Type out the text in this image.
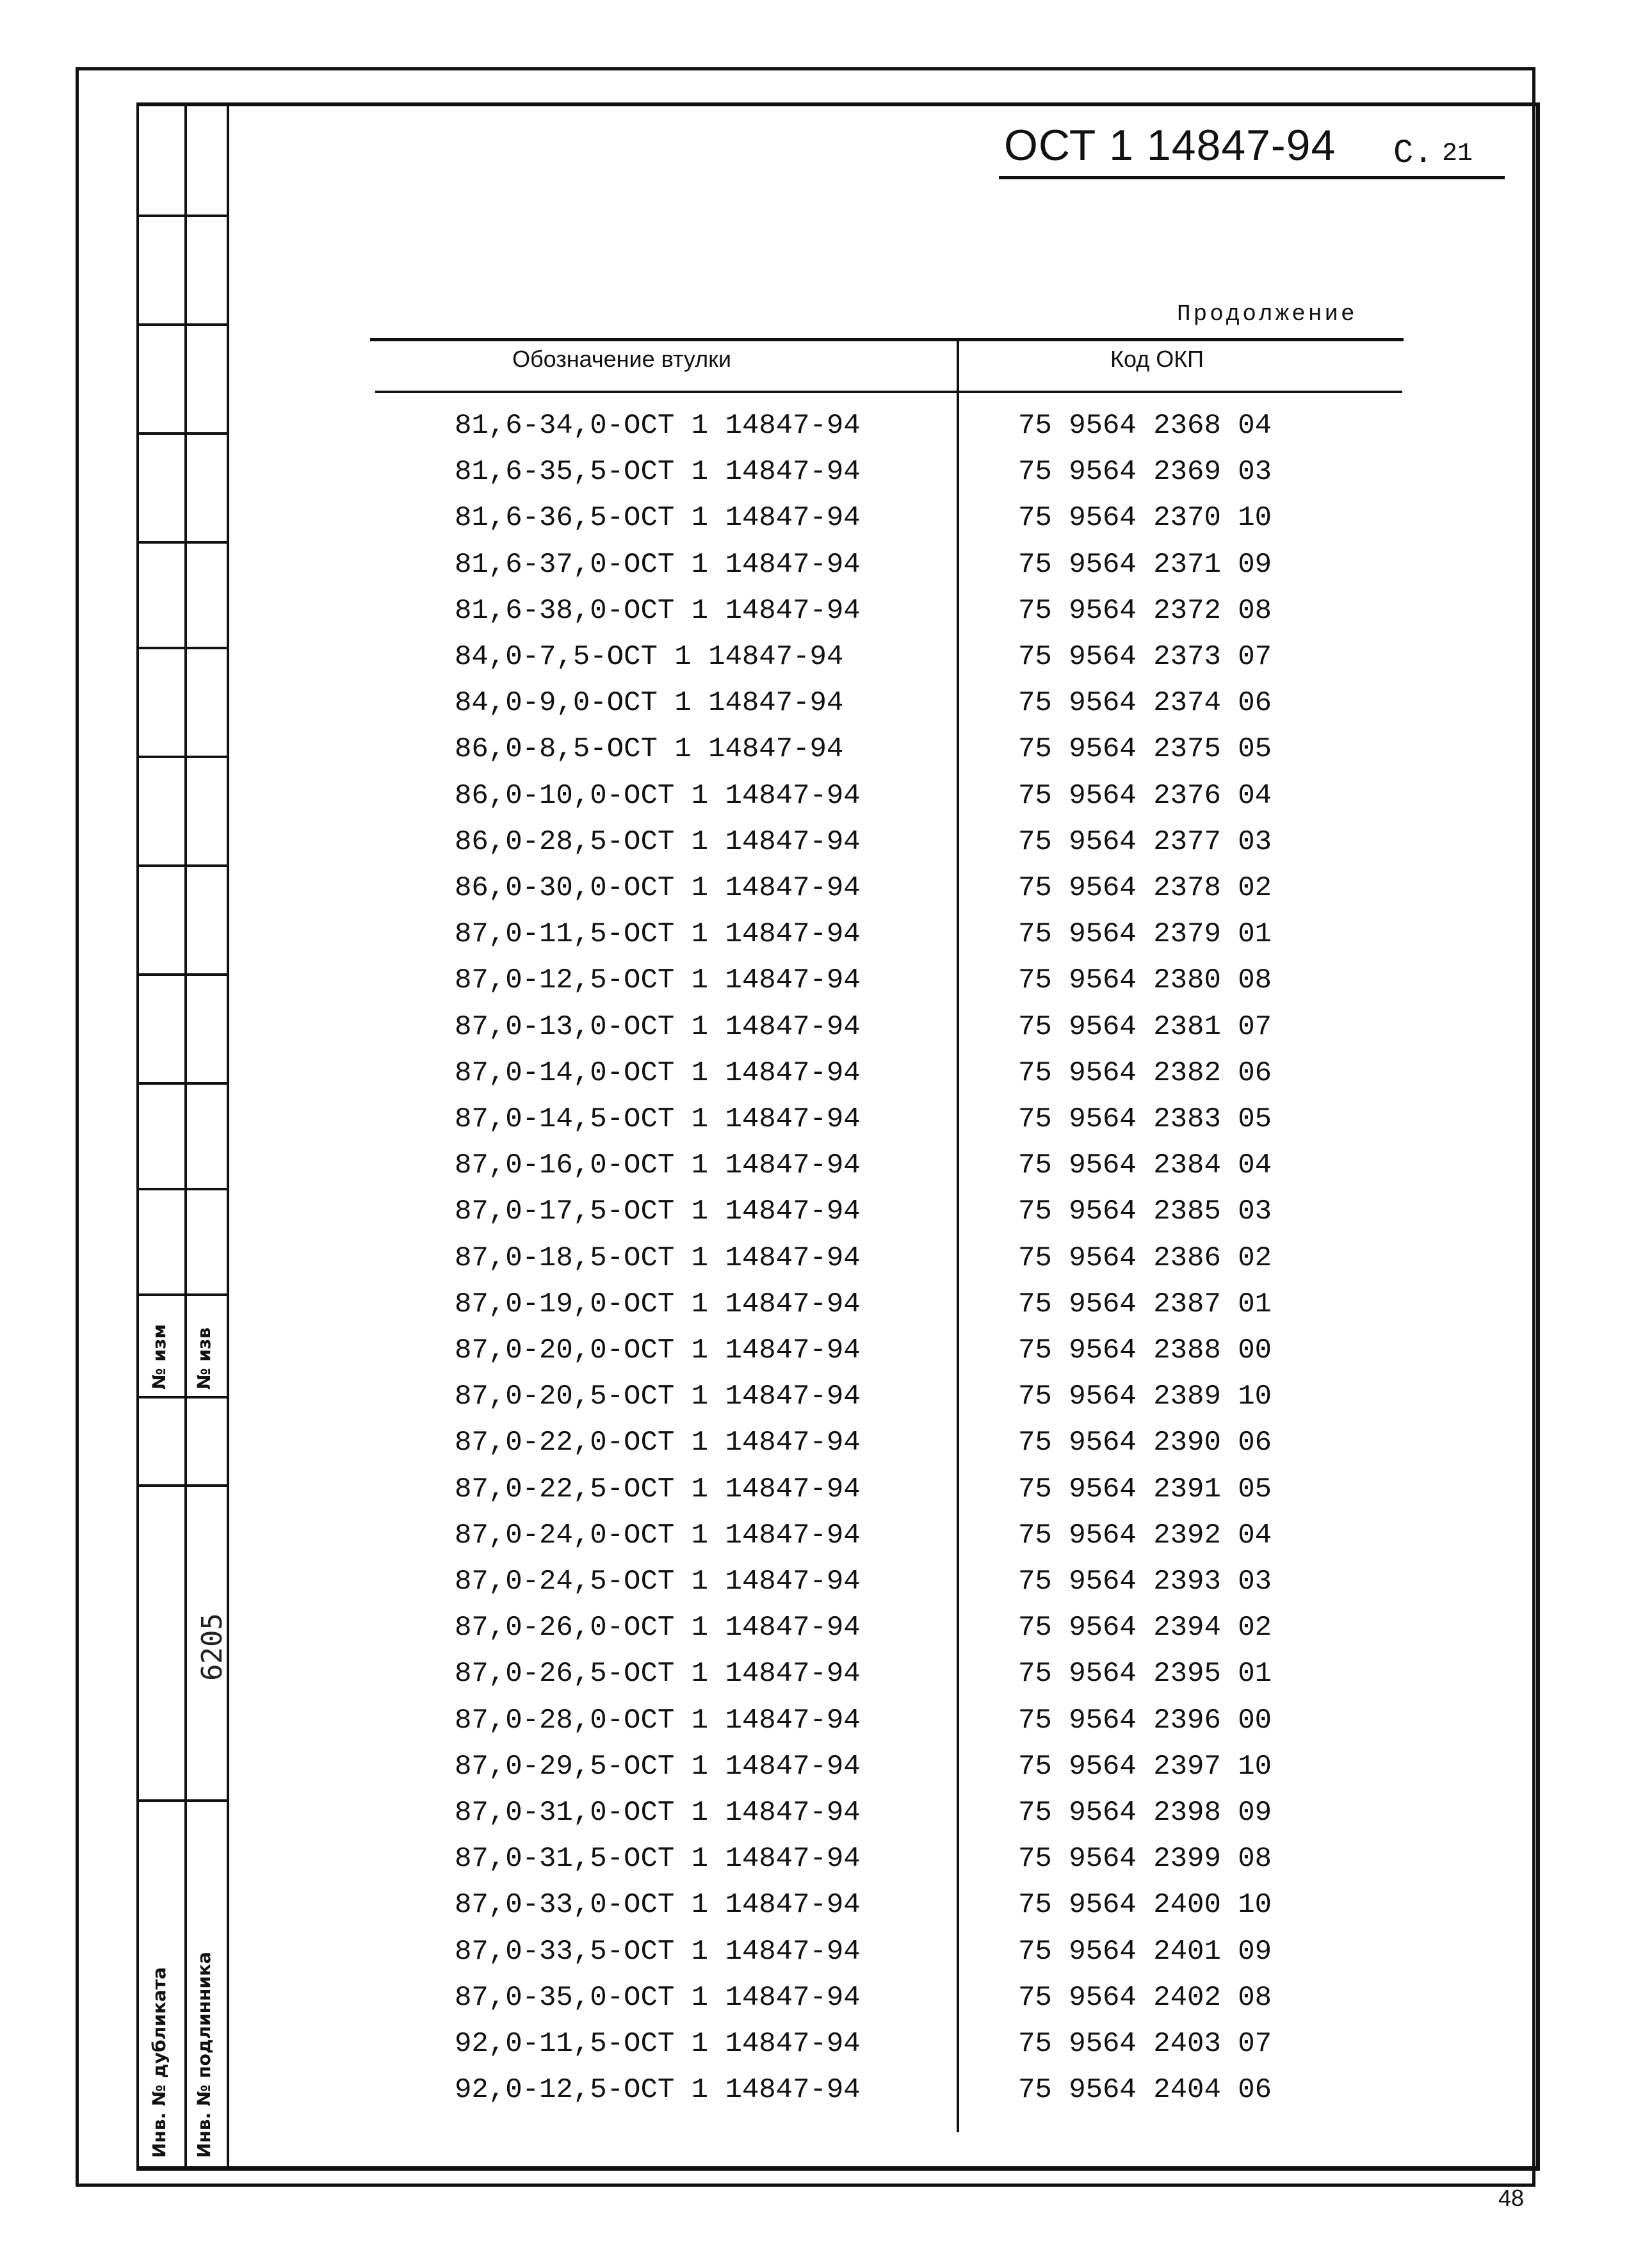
№ изм № изв
6205
Инв. № дубликата Инв. № подлинника
ОСТ 1 14847-94 С. 21
Продолжение
Обозначение втулки	Код ОКП
81,6-34,0-ОСТ 1 14847-94	75 9564 2368 04
81,6-35,5-ОСТ 1 14847-94	75 9564 2369 03
81,6-36,5-ОСТ 1 14847-94	75 9564 2370 10
81,6-37,0-ОСТ 1 14847-94	75 9564 2371 09
81,6-38,0-ОСТ 1 14847-94	75 9564 2372 08
84,0-7,5-ОСТ 1 14847-94	75 9564 2373 07
84,0-9,0-ОСТ 1 14847-94	75 9564 2374 06
86,0-8,5-ОСТ 1 14847-94	75 9564 2375 05
86,0-10,0-ОСТ 1 14847-94	75 9564 2376 04
86,0-28,5-ОСТ 1 14847-94	75 9564 2377 03
86,0-30,0-ОСТ 1 14847-94	75 9564 2378 02
87,0-11,5-ОСТ 1 14847-94	75 9564 2379 01
87,0-12,5-ОСТ 1 14847-94	75 9564 2380 08
87,0-13,0-ОСТ 1 14847-94	75 9564 2381 07
87,0-14,0-ОСТ 1 14847-94	75 9564 2382 06
87,0-14,5-ОСТ 1 14847-94	75 9564 2383 05
87,0-16,0-ОСТ 1 14847-94	75 9564 2384 04
87,0-17,5-ОСТ 1 14847-94	75 9564 2385 03
87,0-18,5-ОСТ 1 14847-94	75 9564 2386 02
87,0-19,0-ОСТ 1 14847-94	75 9564 2387 01
87,0-20,0-ОСТ 1 14847-94	75 9564 2388 00
87,0-20,5-ОСТ 1 14847-94	75 9564 2389 10
87,0-22,0-ОСТ 1 14847-94	75 9564 2390 06
87,0-22,5-ОСТ 1 14847-94	75 9564 2391 05
87,0-24,0-ОСТ 1 14847-94	75 9564 2392 04
87,0-24,5-ОСТ 1 14847-94	75 9564 2393 03
87,0-26,0-ОСТ 1 14847-94	75 9564 2394 02
87,0-26,5-ОСТ 1 14847-94	75 9564 2395 01
87,0-28,0-ОСТ 1 14847-94	75 9564 2396 00
87,0-29,5-ОСТ 1 14847-94	75 9564 2397 10
87,0-31,0-ОСТ 1 14847-94	75 9564 2398 09
87,0-31,5-ОСТ 1 14847-94	75 9564 2399 08
87,0-33,0-ОСТ 1 14847-94	75 9564 2400 10
87,0-33,5-ОСТ 1 14847-94	75 9564 2401 09
87,0-35,0-ОСТ 1 14847-94	75 9564 2402 08
92,0-11,5-ОСТ 1 14847-94	75 9564 2403 07
92,0-12,5-ОСТ 1 14847-94	75 9564 2404 06
48
